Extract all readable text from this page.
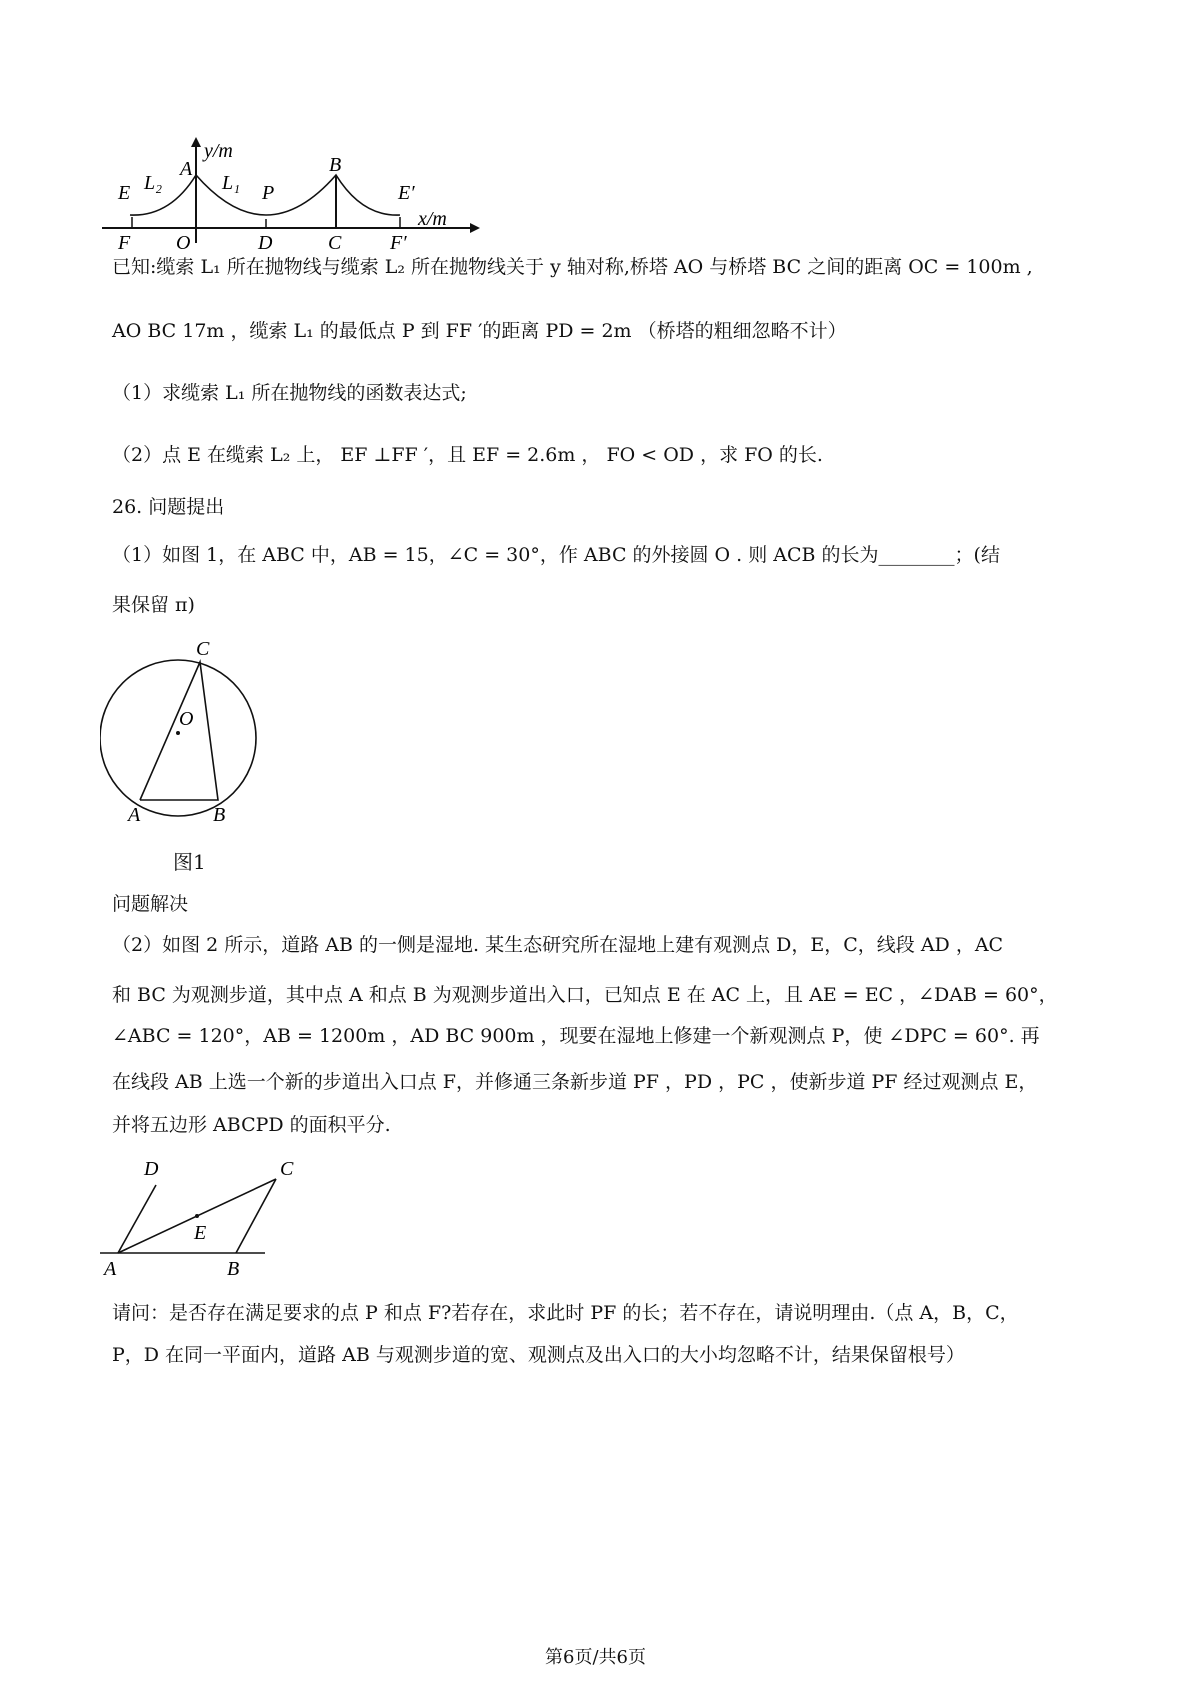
y/m
x/m
A	B
E	E′
L₂	L₁ P
F O	D	C F′
已知:缆索 L₁ 所在抛物线与缆索 L₂ 所在抛物线关于 y 轴对称,桥塔 AO 与桥塔 BC 之间的距离 OC = 100m ,
AO BC 17m ，缆索 L₁ 的最低点 P 到 FF ′的距离 PD = 2m （桥塔的粗细忽略不计）
（1）求缆索 L₁ 所在抛物线的函数表达式;
（2）点 E 在缆索 L₂ 上， EF ⊥FF ′，且 EF = 2.6m ， FO < OD ，求 FO 的长.
26. 问题提出
（1）如图 1，在 ABC 中，AB = 15，∠C = 30°，作 ABC 的外接圆 O . 则 ACB 的长为________；(结
果保留 π)
C
O
A	B
图1
问题解决
（2）如图 2 所示，道路 AB 的一侧是湿地. 某生态研究所在湿地上建有观测点 D，E，C，线段 AD ，AC
和 BC 为观测步道，其中点 A 和点 B 为观测步道出入口，已知点 E 在 AC 上，且 AE = EC ，∠DAB = 60°，
∠ABC = 120°，AB = 1200m ，AD BC 900m ，现要在湿地上修建一个新观测点 P，使 ∠DPC = 60°. 再
在线段 AB 上选一个新的步道出入口点 F，并修通三条新步道 PF ，PD ，PC ，使新步道 PF 经过观测点 E，
并将五边形 ABCPD 的面积平分.
D	C
E
A	B
请问：是否存在满足要求的点 P 和点 F?若存在，求此时 PF 的长；若不存在，请说明理由.（点 A，B，C，
P，D 在同一平面内，道路 AB 与观测步道的宽、观测点及出入口的大小均忽略不计，结果保留根号）
第6页/共6页
